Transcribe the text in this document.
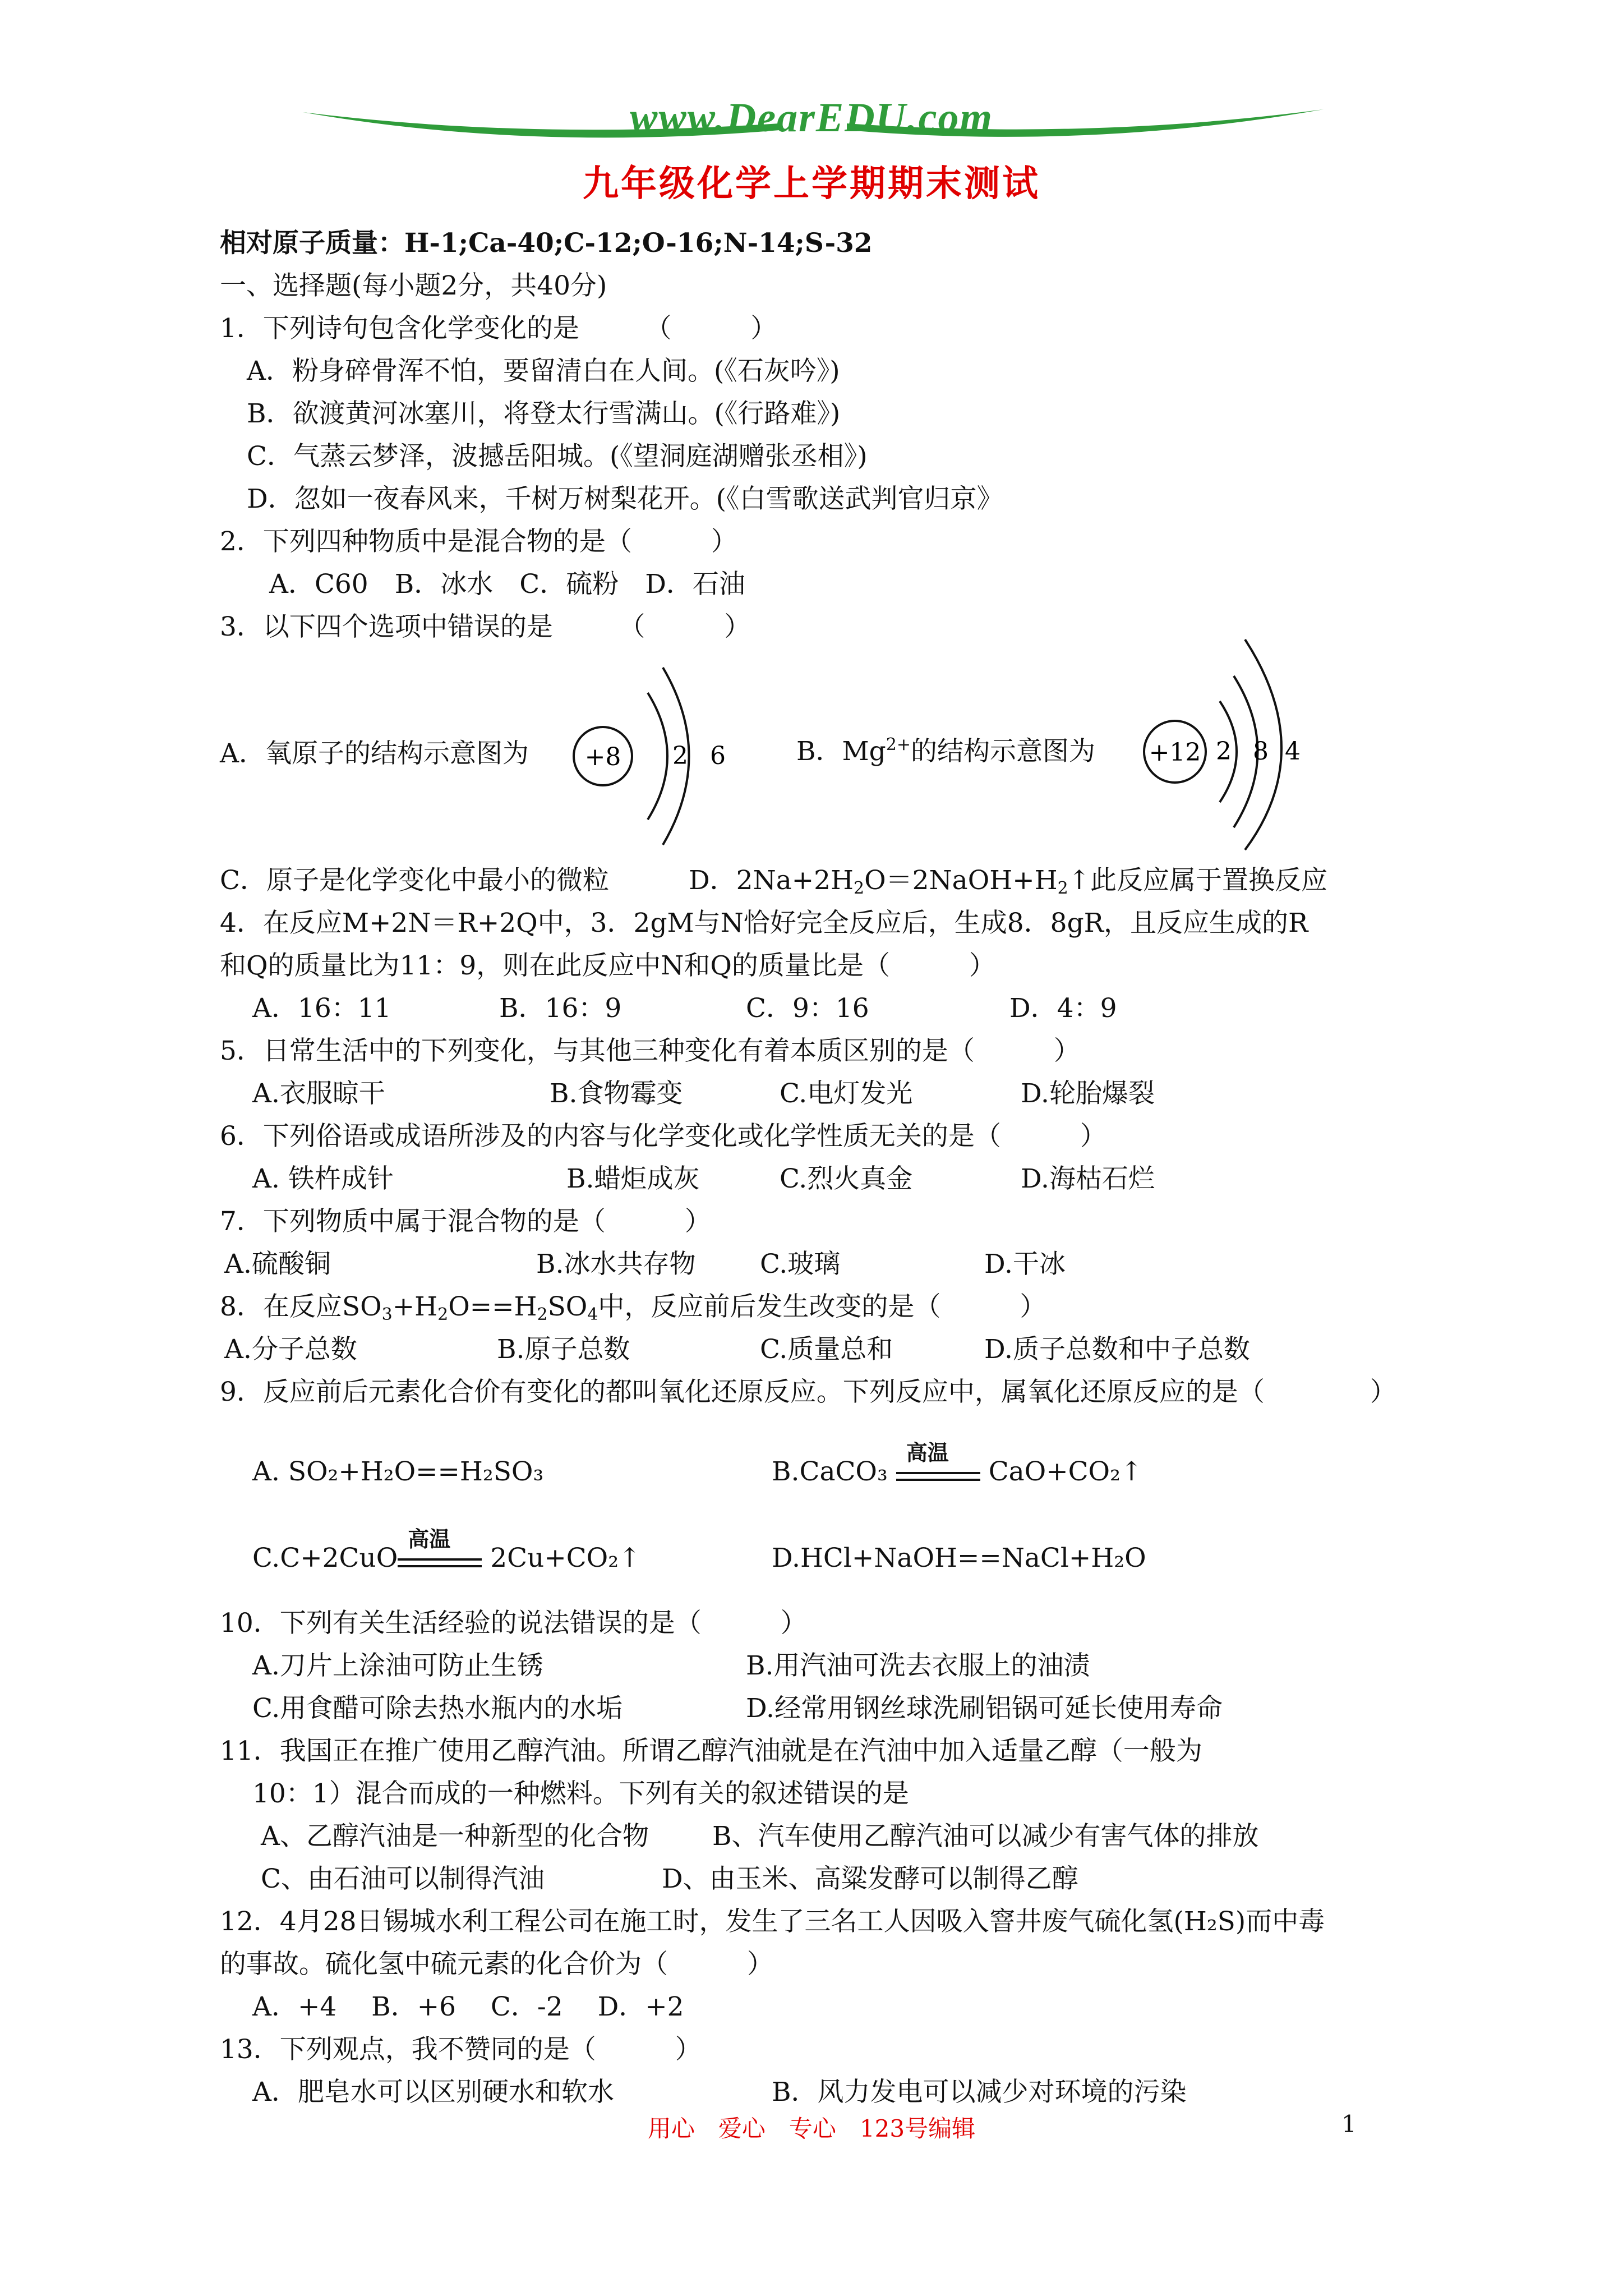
www.DearEDU.com
九年级化学上学期期末测试
相对原子质量：H-1;Ca-40;C-12;O-16;N-14;S-32
一、选择题(每小题2分，共40分)
1．下列诗句包含化学变化的是　　　（　　　）
A．粉身碎骨浑不怕，要留清白在人间。(《石灰吟》)
B．欲渡黄河冰塞川，将登太行雪满山。(《行路难》)
C．气蒸云梦泽，波撼岳阳城。(《望洞庭湖赠张丞相》)
D．忽如一夜春风来，千树万树梨花开。(《白雪歌送武判官归京》
2．下列四种物质中是混合物的是（　　　）
A．C60　B．冰水　C．硫粉　D．石油
3．以下四个选项中错误的是　　　（　　　）
A．氧原子的结构示意图为 +8 2 6	B．$Mg^{2+}$的结构示意图为 +12 2 8 4
C．原子是化学变化中最小的微粒	D．$2Na+2H_2O=2NaOH+H_2↑$此反应属于置换反应
4．在反应M+2N＝R+2Q中，3．2gM与N恰好完全反应后，生成8．8gR，且反应生成的R
和Q的质量比为11：9，则在此反应中N和Q的质量比是（　　　）
A．16：11	B．16：9	C．9：16	D．4：9
5．日常生活中的下列变化，与其他三种变化有着本质区别的是（　　　）
A.衣服晾干	B.食物霉变	C.电灯发光	D.轮胎爆裂
6．下列俗语或成语所涉及的内容与化学变化或化学性质无关的是（　　　）
A. 铁杵成针	B.蜡炬成灰	C.烈火真金	D.海枯石烂
7．下列物质中属于混合物的是（　　　）
A.硫酸铜	B.冰水共存物 C.玻璃	D.干冰
8．在反应$SO_3+H_2O==H_2SO_4$中，反应前后发生改变的是（　　　）
A.分子总数	B.原子总数	C.质量总和	D.质子总数和中子总数
9．反应前后元素化合价有变化的都叫氧化还原反应。下列反应中，属氧化还原反应的是（　　　　）
A. SO₂+H₂O==H₂SO₃	B.CaCO₃
高温
CaO+CO₂↑
C.C+2CuO
高温
2Cu+CO₂↑	D.HCl+NaOH==NaCl+H₂O
10．下列有关生活经验的说法错误的是（　　　）
A.刀片上涂油可防止生锈	B.用汽油可洗去衣服上的油渍
C.用食醋可除去热水瓶内的水垢	D.经常用钢丝球洗刷铝锅可延长使用寿命
11．我国正在推广使用乙醇汽油。所谓乙醇汽油就是在汽油中加入适量乙醇（一般为
10：1）混合而成的一种燃料。下列有关的叙述错误的是
A、乙醇汽油是一种新型的化合物 B、汽车使用乙醇汽油可以减少有害气体的排放
C、由石油可以制得汽油	D、由玉米、高粱发酵可以制得乙醇
12．4月28日锡城水利工程公司在施工时，发生了三名工人因吸入窨井废气硫化氢(H₂S)而中毒
的事故。硫化氢中硫元素的化合价为（　　　）
A．+4　 B．+6　 C．-2　 D．+2
13．下列观点，我不赞同的是（　　　）
A．肥皂水可以区别硬水和软水	B．风力发电可以减少对环境的污染
用心　爱心　专心　123号编辑	1
